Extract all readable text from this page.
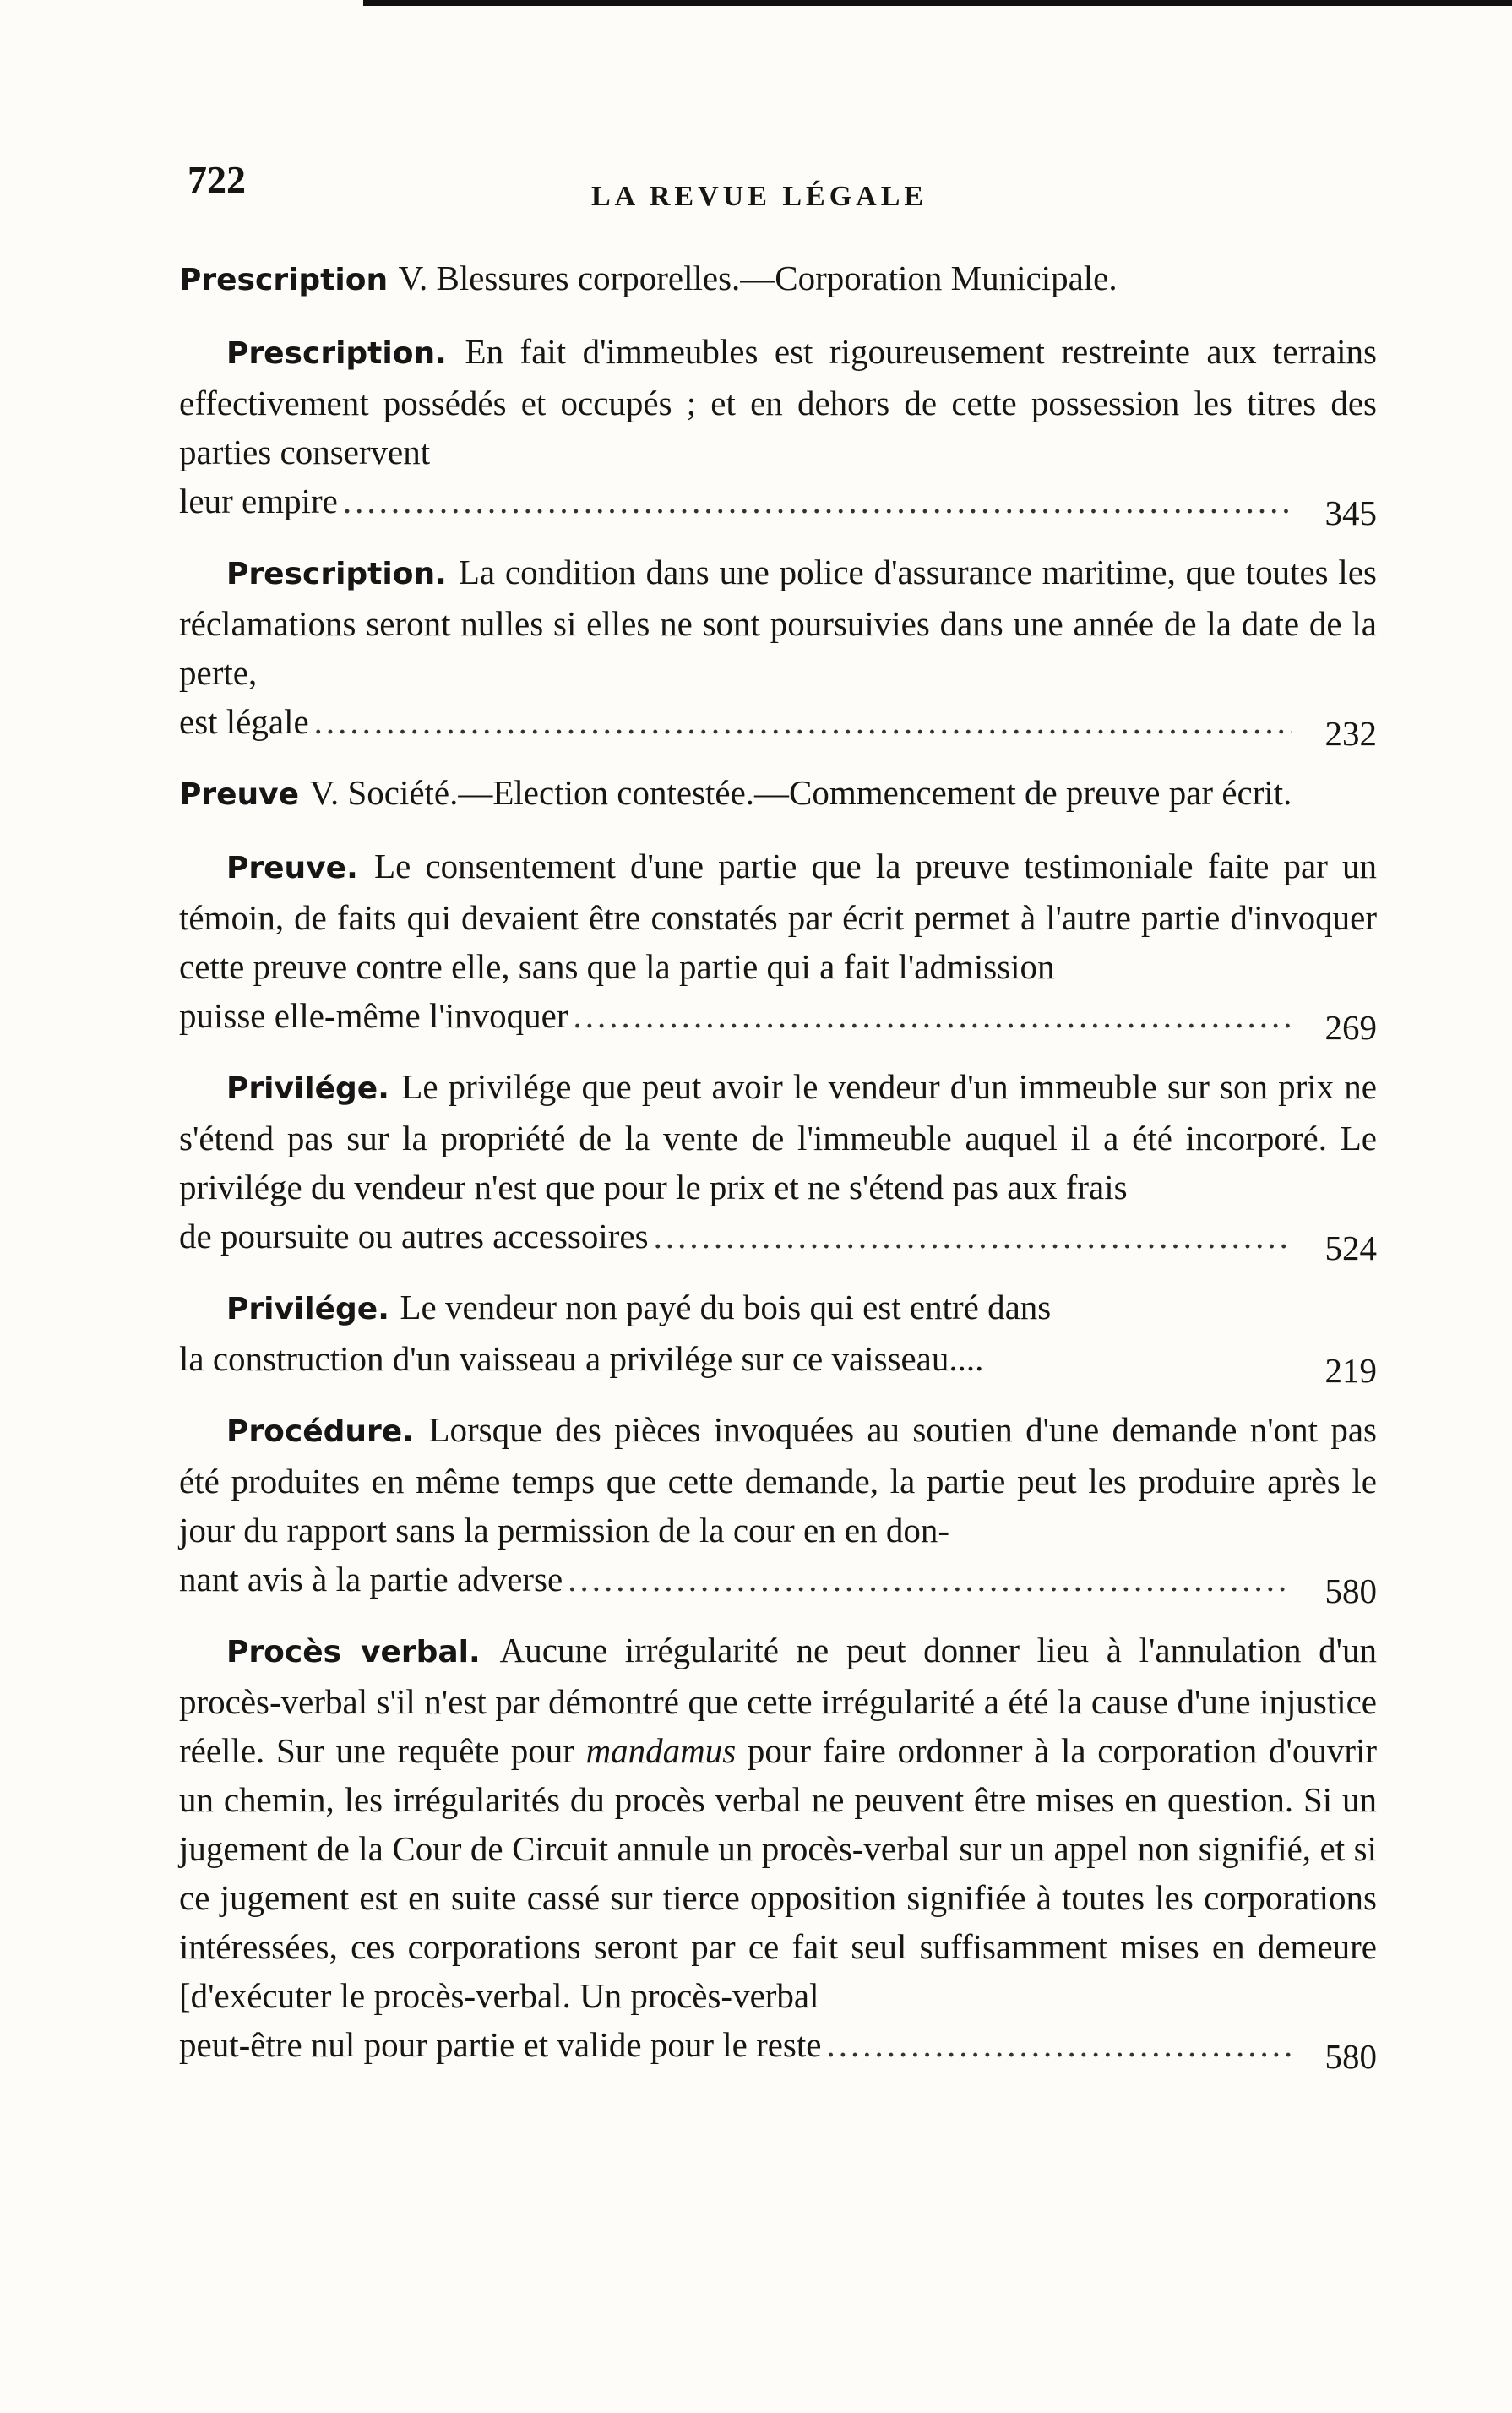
722	LA REVUE LÉGALE
Prescription V. Blessures corporelles.—Corporation Municipale.
Prescription. En fait d'immeubles est rigoureusement restreinte aux terrains effectivement possédés et occupés ; et en dehors de cette possession les titres des parties conservent
leur empire .....	345
Prescription. La condition dans une police d'assurance maritime, que toutes les réclamations seront nulles si elles ne sont poursuivies dans une année de la date de la perte,
est légale .....	232
Preuve V. Société.—Election contestée.—Commencement de preuve par écrit.
Preuve. Le consentement d'une partie que la preuve testimoniale faite par un témoin, de faits qui devaient être constatés par écrit permet à l'autre partie d'invoquer cette preuve contre elle, sans que la partie qui a fait l'admission
puisse elle-même l'invoquer .....	269
Privilége. Le privilége que peut avoir le vendeur d'un immeuble sur son prix ne s'étend pas sur la propriété de la vente de l'immeuble auquel il a été incorporé. Le privilége du vendeur n'est que pour le prix et ne s'étend pas aux frais
de poursuite ou autres accessoires .....	524
Privilége. Le vendeur non payé du bois qui est entré dans
la construction d'un vaisseau a privilége sur ce vaisseau....	219
Procédure. Lorsque des pièces invoquées au soutien d'une demande n'ont pas été produites en même temps que cette demande, la partie peut les produire après le jour du rapport sans la permission de la cour en en don-
nant avis à la partie adverse .....	580
Procès verbal. Aucune irrégularité ne peut donner lieu à l'annulation d'un procès-verbal s'il n'est par démontré que cette irrégularité a été la cause d'une injustice réelle. Sur une requête pour mandamus pour faire ordonner à la corporation d'ouvrir un chemin, les irrégularités du procès verbal ne peuvent être mises en question. Si un jugement de la Cour de Circuit annule un procès-verbal sur un appel non signifié, et si ce jugement est en suite cassé sur tierce opposition signifiée à toutes les corporations intéressées, ces corporations seront par ce fait seul suffisamment mises en demeure [d'exécuter le procès-verbal. Un procès-verbal
peut-être nul pour partie et valide pour le reste .....	580
